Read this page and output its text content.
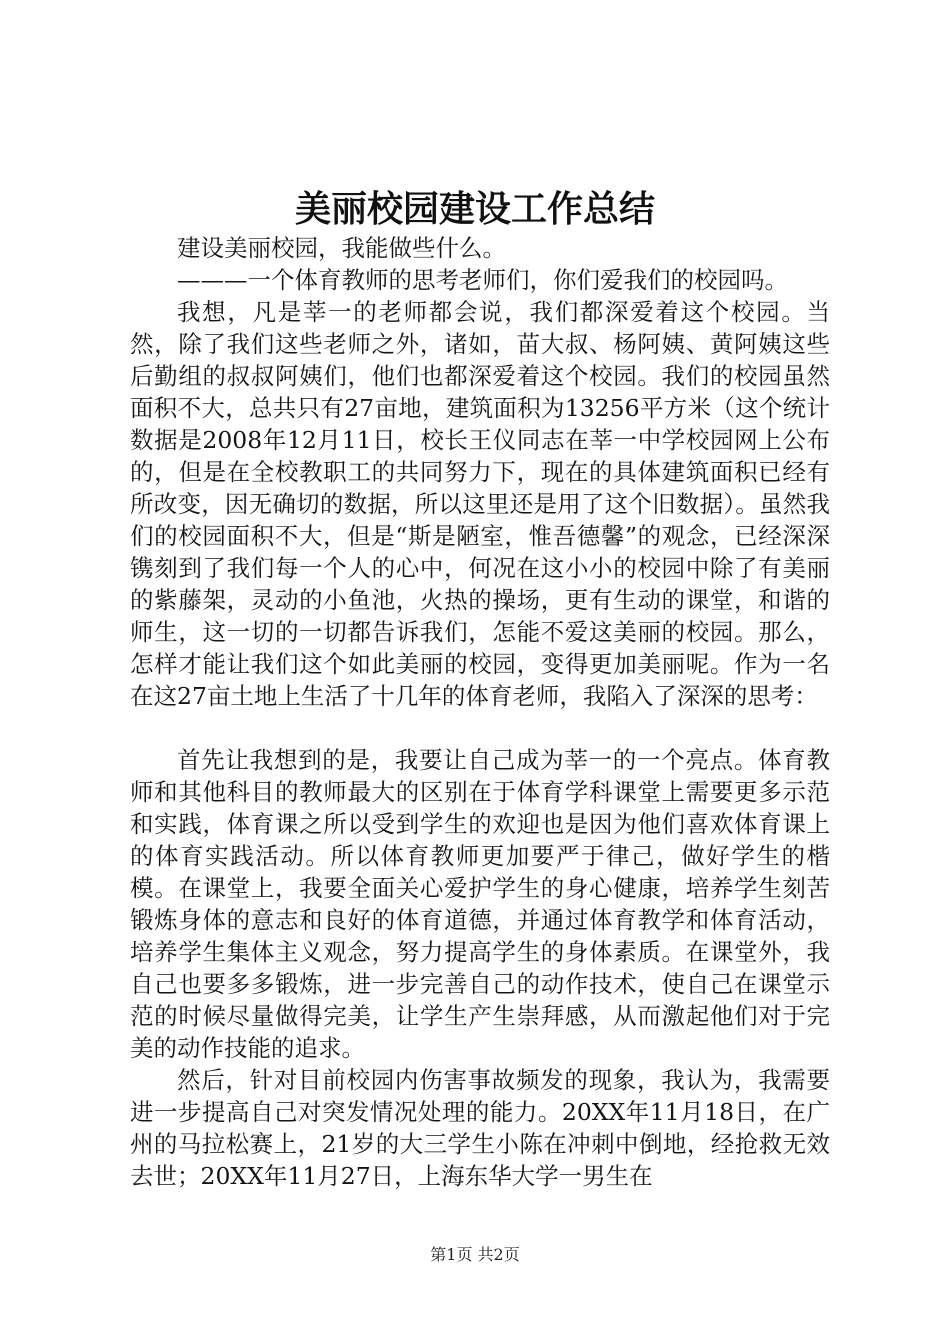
美丽校园建设工作总结

建设美丽校园，我能做些什么。

———一个体育教师的思考老师们，你们爱我们的校园吗。

我想，凡是莘一的老师都会说，我们都深爱着这个校园。当然，除了我们这些老师之外，诸如，苗大叔、杨阿姨、黄阿姨这些后勤组的叔叔阿姨们，他们也都深爱着这个校园。我们的校园虽然面积不大，总共只有27亩地，建筑面积为13256平方米（这个统计数据是2008年12月11日，校长王仪同志在莘一中学校园网上公布的，但是在全校教职工的共同努力下，现在的具体建筑面积已经有所改变，因无确切的数据，所以这里还是用了这个旧数据）。虽然我们的校园面积不大，但是“斯是陋室，惟吾德馨”的观念，已经深深镌刻到了我们每一个人的心中，何况在这小小的校园中除了有美丽的紫藤架，灵动的小鱼池，火热的操场，更有生动的课堂，和谐的师生，这一切的一切都告诉我们，怎能不爱这美丽的校园。那么，怎样才能让我们这个如此美丽的校园，变得更加美丽呢。作为一名在这27亩土地上生活了十几年的体育老师，我陷入了深深的思考：

首先让我想到的是，我要让自己成为莘一的一个亮点。体育教师和其他科目的教师最大的区别在于体育学科课堂上需要更多示范和实践，体育课之所以受到学生的欢迎也是因为他们喜欢体育课上的体育实践活动。所以体育教师更加要严于律己，做好学生的楷模。在课堂上，我要全面关心爱护学生的身心健康，培养学生刻苦锻炼身体的意志和良好的体育道德，并通过体育教学和体育活动，培养学生集体主义观念，努力提高学生的身体素质。在课堂外，我自己也要多多锻炼，进一步完善自己的动作技术，使自己在课堂示范的时候尽量做得完美，让学生产生崇拜感，从而激起他们对于完美的动作技能的追求。

然后，针对目前校园内伤害事故频发的现象，我认为，我需要进一步提高自己对突发情况处理的能力。20XX年11月18日，在广州的马拉松赛上，21岁的大三学生小陈在冲刺中倒地，经抢救无效去世；20XX年11月27日，上海东华大学一男生在

第1页 共2页
